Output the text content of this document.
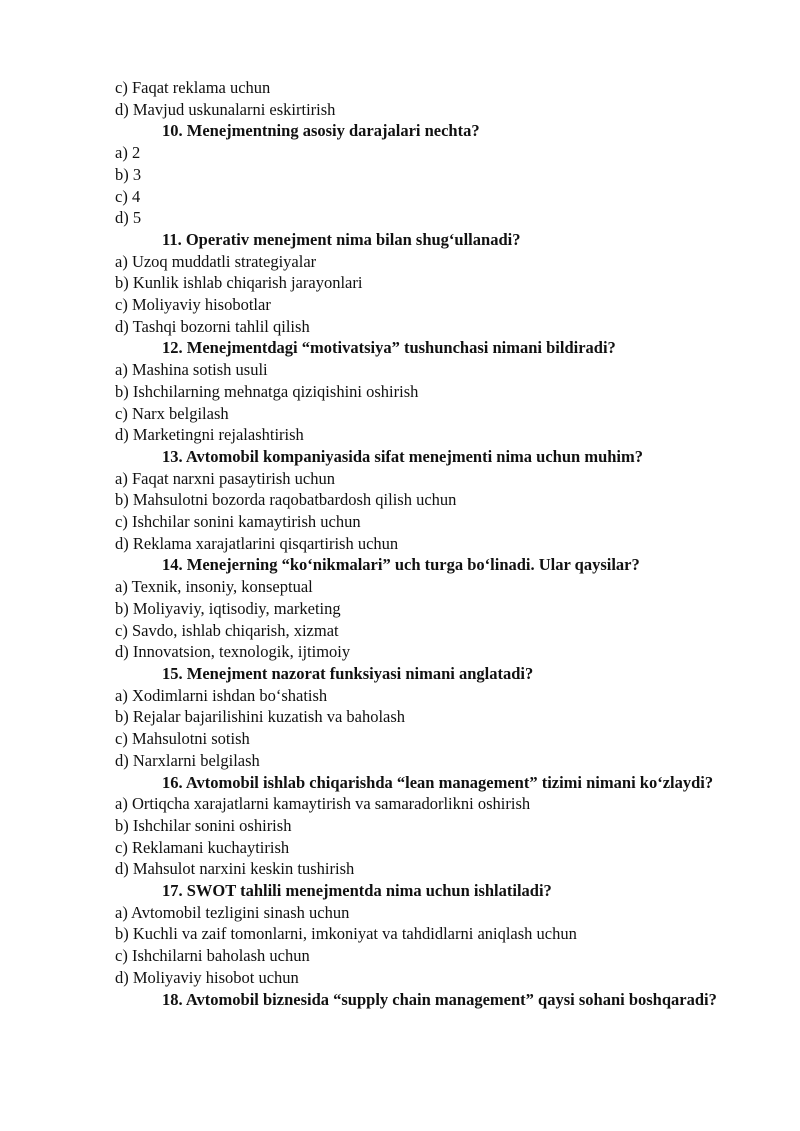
c) Faqat reklama uchun
d) Mavjud uskunalarni eskirtirish
10. Menejmentning asosiy darajalari nechta?
a) 2
b) 3
c) 4
d) 5
11. Operativ menejment nima bilan shug‘ullanadi?
a) Uzoq muddatli strategiyalar
b) Kunlik ishlab chiqarish jarayonlari
c) Moliyaviy hisobotlar
d) Tashqi bozorni tahlil qilish
12. Menejmentdagi “motivatsiya” tushunchasi nimani bildiradi?
a) Mashina sotish usuli
b) Ishchilarning mehnatga qiziqishini oshirish
c) Narx belgilash
d) Marketingni rejalashtirish
13. Avtomobil kompaniyasida sifat menejmenti nima uchun muhim?
a) Faqat narxni pasaytirish uchun
b) Mahsulotni bozorda raqobatbardosh qilish uchun
c) Ishchilar sonini kamaytirish uchun
d) Reklama xarajatlarini qisqartirish uchun
14. Menejerning “ko‘nikmalari” uch turga bo‘linadi. Ular qaysilar?
a) Texnik, insoniy, konseptual
b) Moliyaviy, iqtisodiy, marketing
c) Savdo, ishlab chiqarish, xizmat
d) Innovatsion, texnologik, ijtimoiy
15. Menejment nazorat funksiyasi nimani anglatadi?
a) Xodimlarni ishdan bo‘shatish
b) Rejalar bajarilishini kuzatish va baholash
c) Mahsulotni sotish
d) Narxlarni belgilash
16. Avtomobil ishlab chiqarishda “lean management” tizimi nimani ko‘zlaydi?
a) Ortiqcha xarajatlarni kamaytirish va samaradorlikni oshirish
b) Ishchilar sonini oshirish
c) Reklamani kuchaytirish
d) Mahsulot narxini keskin tushirish
17. SWOT tahlili menejmentda nima uchun ishlatiladi?
a) Avtomobil tezligini sinash uchun
b) Kuchli va zaif tomonlarni, imkoniyat va tahdidlarni aniqlash uchun
c) Ishchilarni baholash uchun
d) Moliyaviy hisobot uchun
18. Avtomobil biznesida “supply chain management” qaysi sohani boshqaradi?
